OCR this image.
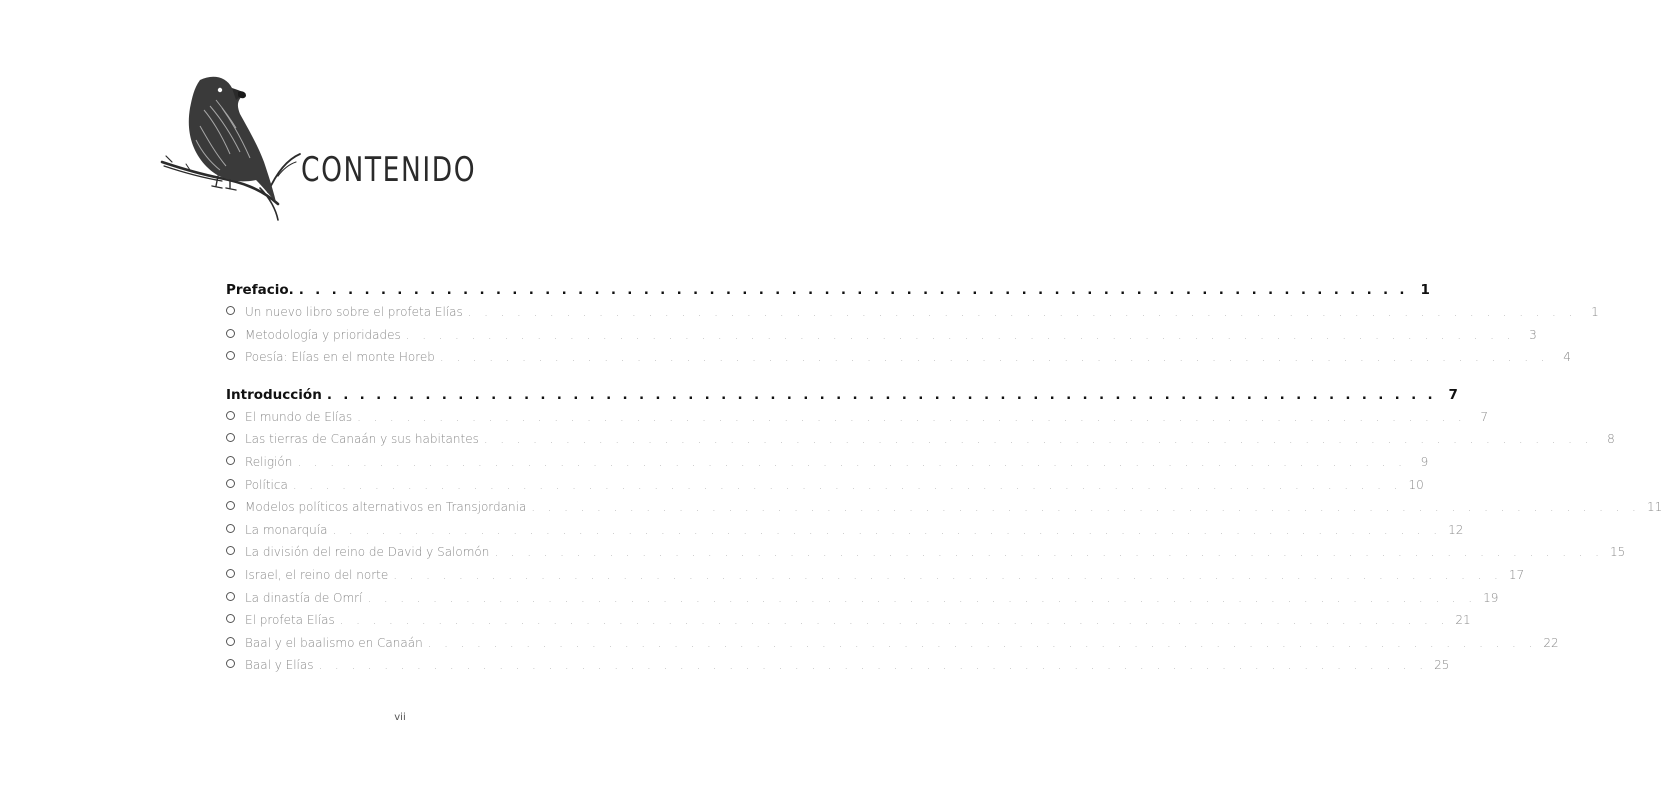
CONTENIDO
Prefacio. . . . . . . . . . . . . . . . . . . . . . . . . . . . . . . . . . . . . . . . . . . . . . . . . . . . . . . . . . . . . . . . . . . . . 1
Un nuevo libro sobre el profeta Elías . . . . . . . . . . . . . . . . . . . . . . . . . . . . . . . . . . . . . . . . . . . . . . . . . . . . . . . . . . . . . . . . . . . .	1
Metodología y prioridades . . . . . . . . . . . . . . . . . . . . . . . . . . . . . . . . . . . . . . . . . . . . . . . . . . . . . . . . . . . . . . . . . . . .	3
Poesía: Elías en el monte Horeb . . . . . . . . . . . . . . . . . . . . . . . . . . . . . . . . . . . . . . . . . . . . . . . . . . . . . . . . . . . . . . . . . . . .	4
Introducción . . . . . . . . . . . . . . . . . . . . . . . . . . . . . . . . . . . . . . . . . . . . . . . . . . . . . . . . . . . . . . . . . . . . 7
El mundo de Elías . . . . . . . . . . . . . . . . . . . . . . . . . . . . . . . . . . . . . . . . . . . . . . . . . . . . . . . . . . . . . . . . . . . .	7
Las tierras de Canaán y sus habitantes . . . . . . . . . . . . . . . . . . . . . . . . . . . . . . . . . . . . . . . . . . . . . . . . . . . . . . . . . . . . . . . . . . . .	8
Religión . . . . . . . . . . . . . . . . . . . . . . . . . . . . . . . . . . . . . . . . . . . . . . . . . . . . . . . . . . . . . . . . . . . .	9
Política . . . . . . . . . . . . . . . . . . . . . . . . . . . . . . . . . . . . . . . . . . . . . . . . . . . . . . . . . . . . . . . . . . . . 10
Modelos políticos alternativos en Transjordania . . . . . . . . . . . . . . . . . . . . . . . . . . . . . . . . . . . . . . . . . . . . . . . . . . . . . . . . . . . . . . . . . . . . 11
La monarquía . . . . . . . . . . . . . . . . . . . . . . . . . . . . . . . . . . . . . . . . . . . . . . . . . . . . . . . . . . . . . . . . . . . . 12
La división del reino de David y Salomón . . . . . . . . . . . . . . . . . . . . . . . . . . . . . . . . . . . . . . . . . . . . . . . . . . . . . . . . . . . . . . . . . . . . 15
Israel, el reino del norte . . . . . . . . . . . . . . . . . . . . . . . . . . . . . . . . . . . . . . . . . . . . . . . . . . . . . . . . . . . . . . . . . . . . 17
La dinastía de Omrí . . . . . . . . . . . . . . . . . . . . . . . . . . . . . . . . . . . . . . . . . . . . . . . . . . . . . . . . . . . . . . . . . . . . 19
El profeta Elías . . . . . . . . . . . . . . . . . . . . . . . . . . . . . . . . . . . . . . . . . . . . . . . . . . . . . . . . . . . . . . . . . . . . 21
Baal y el baalismo en Canaán . . . . . . . . . . . . . . . . . . . . . . . . . . . . . . . . . . . . . . . . . . . . . . . . . . . . . . . . . . . . . . . . . . . . 22
Baal y Elías . . . . . . . . . . . . . . . . . . . . . . . . . . . . . . . . . . . . . . . . . . . . . . . . . . . . . . . . . . . . . . . . . . . . 25
vii
